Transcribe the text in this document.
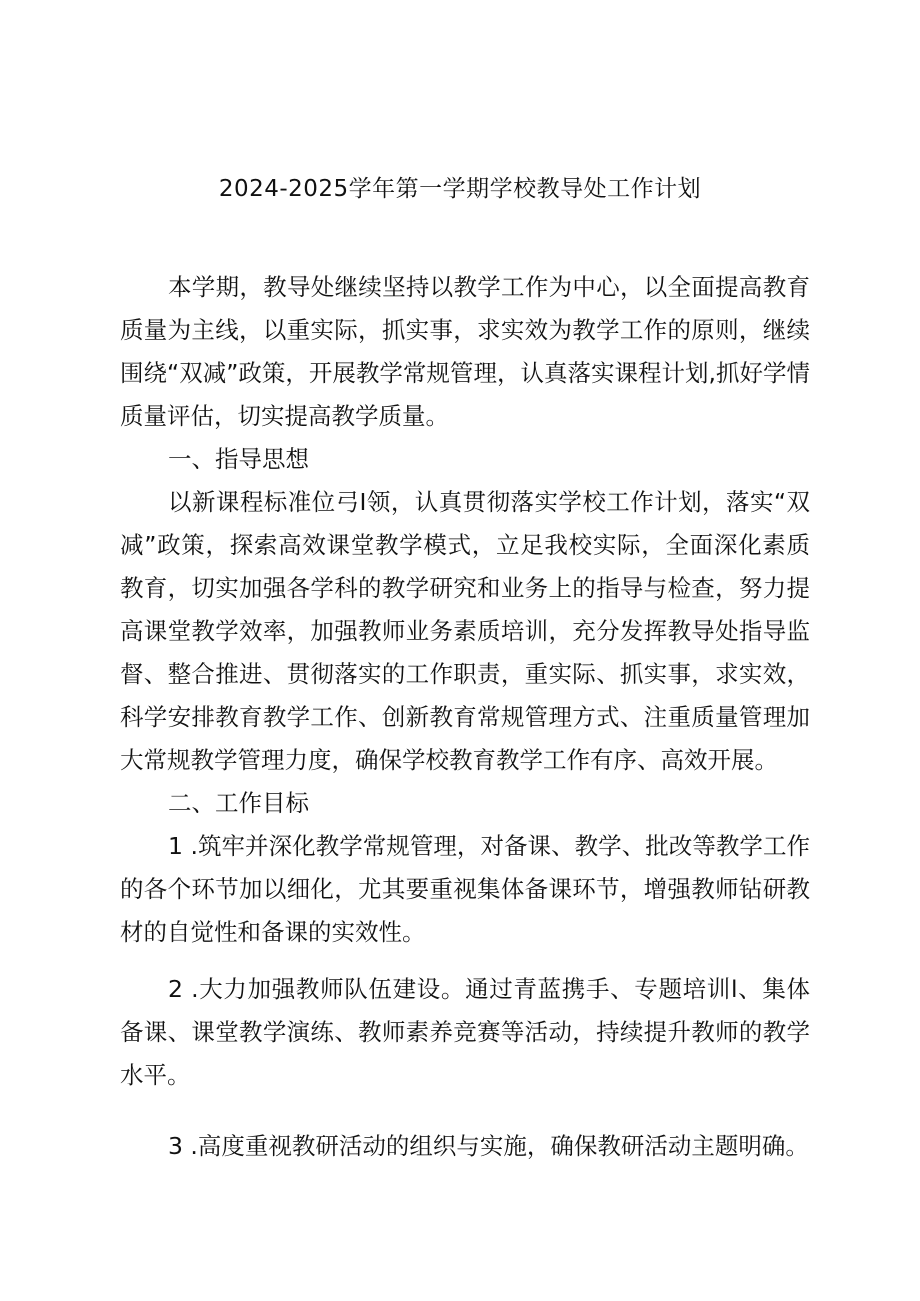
2024-2025学年第一学期学校教导处工作计划

本学期，教导处继续坚持以教学工作为中心，以全面提高教育质量为主线，以重实际，抓实事，求实效为教学工作的原则，继续围绕“双减”政策，开展教学常规管理，认真落实课程计划,抓好学情质量评估，切实提高教学质量。

一、指导思想

以新课程标准位弓I领，认真贯彻落实学校工作计划，落实“双减”政策，探索高效课堂教学模式，立足我校实际，全面深化素质教育，切实加强各学科的教学研究和业务上的指导与检查，努力提高课堂教学效率，加强教师业务素质培训，充分发挥教导处指导监督、整合推进、贯彻落实的工作职责，重实际、抓实事，求实效，科学安排教育教学工作、创新教育常规管理方式、注重质量管理加大常规教学管理力度，确保学校教育教学工作有序、高效开展。

二、工作目标

1 .筑牢并深化教学常规管理，对备课、教学、批改等教学工作的各个环节加以细化，尤其要重视集体备课环节，增强教师钻研教材的自觉性和备课的实效性。

2 .大力加强教师队伍建设。通过青蓝携手、专题培训l、集体备课、课堂教学演练、教师素养竞赛等活动，持续提升教师的教学水平。

3 .高度重视教研活动的组织与实施，确保教研活动主题明确。
